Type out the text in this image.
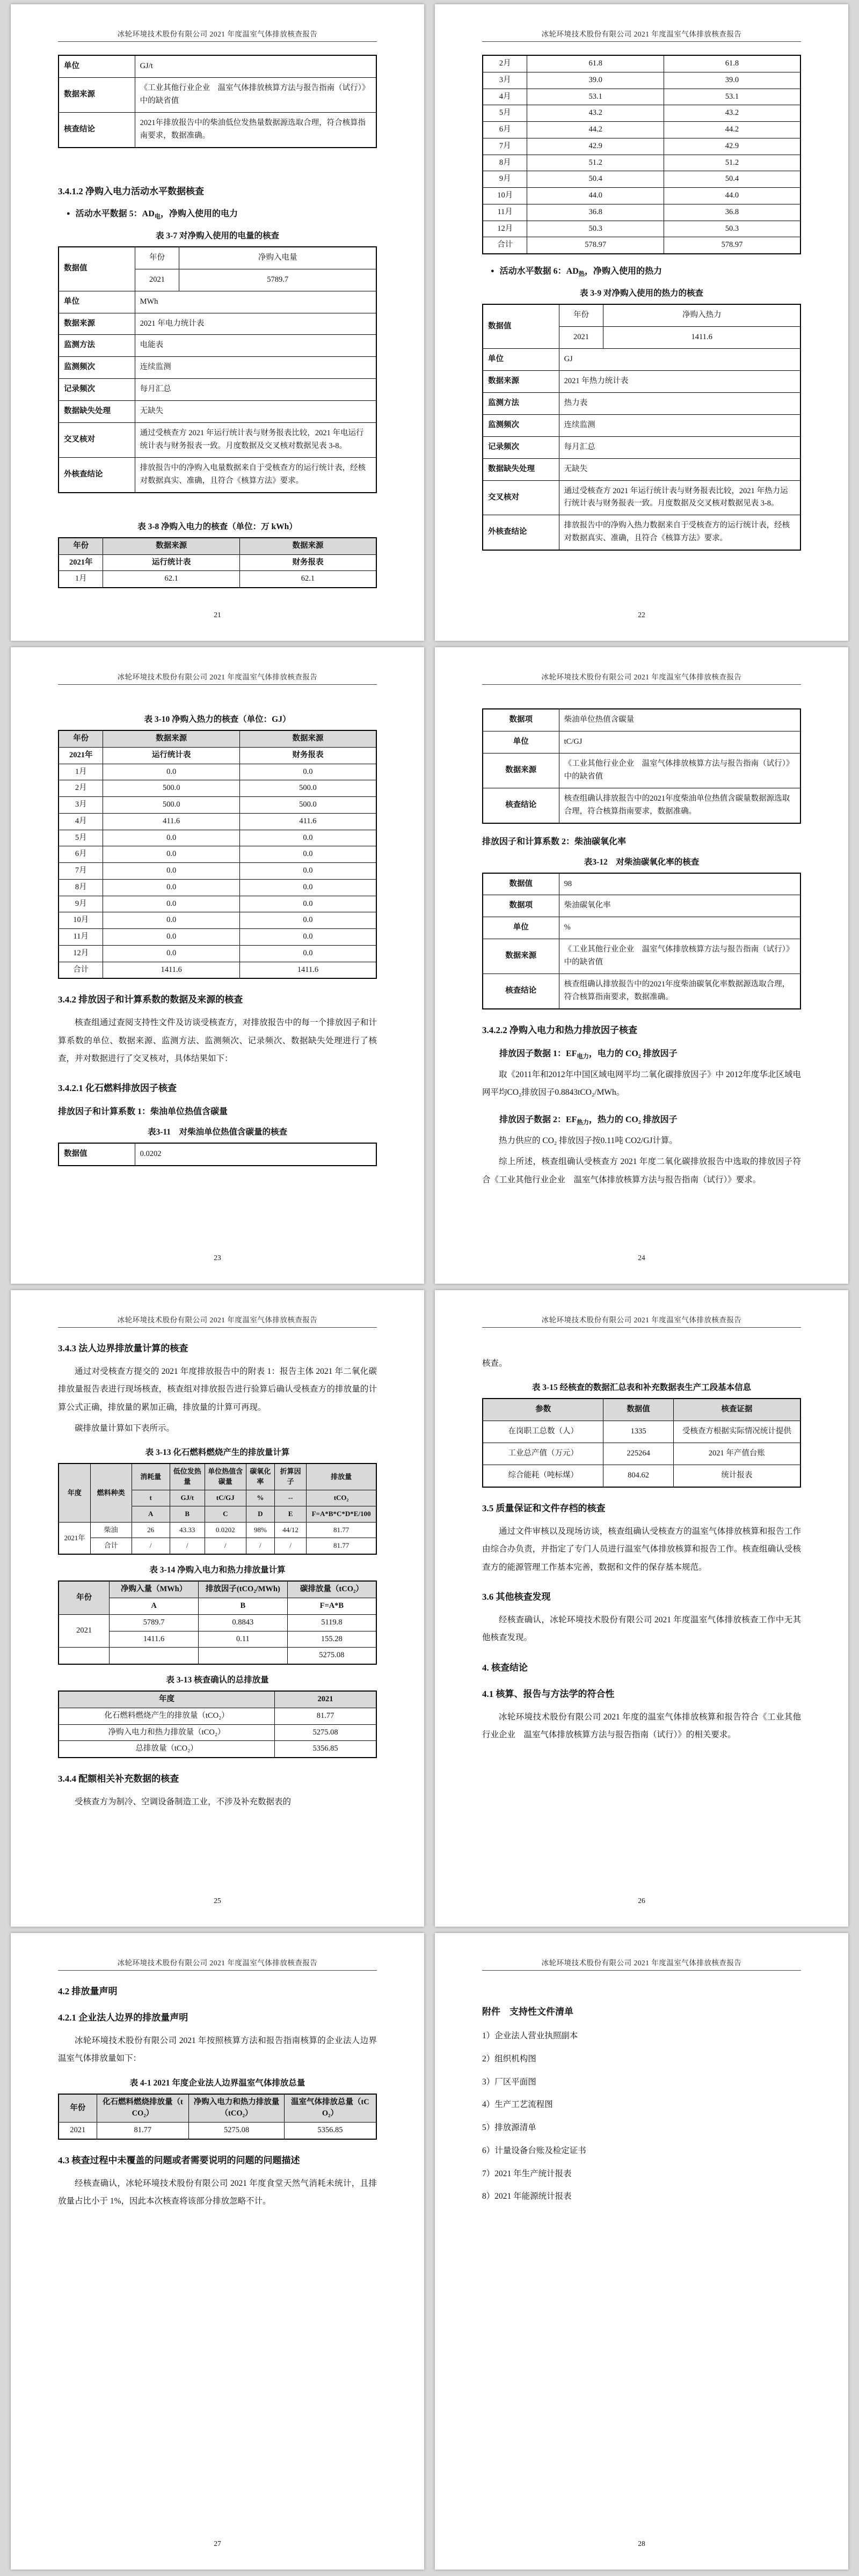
冰轮环境技术股份有限公司 2021 年度温室气体排放核查报告
单位	GJ/t
数据来源	《工业其他行业企业　温室气体排放核算方法与报告指南（试行）》中的缺省值
核查结论	2021年排放报告中的柴油低位发热量数据源选取合理，符合核算指南要求，数据准确。
3.4.1.2 净购入电力活动水平数据核查
● 活动水平数据 5：$AD_电$，净购入使用的电力
表 3-7 对净购入使用的电量的核查
数据值	年份	净购入电量
	2021	5789.7
单位	MWh	
数据来源	2021 年电力统计表	
监测方法	电能表	
监测频次	连续监测	
记录频次	每月汇总	
数据缺失处理	无缺失	
交叉核对	通过受核查方 2021 年运行统计表与财务报表比较，2021 年电运行统计表与财务报表一致。月度数据及交叉核对数据见表 3-8。	
外核查结论	排放报告中的净购入电量数据来自于受核查方的运行统计表，经核对数据真实、准确，且符合《核算方法》要求。	
表 3-8 净购入电力的核查（单位：万 kWh）
年份	数据来源	数据来源
2021年	运行统计表	财务报表
1月	62.1	62.1
21
冰轮环境技术股份有限公司 2021 年度温室气体排放核查报告
2月	61.8	61.8
3月	39.0	39.0
4月	53.1	53.1
5月	43.2	43.2
6月	44.2	44.2
7月	42.9	42.9
8月	51.2	51.2
9月	50.4	50.4
10月	44.0	44.0
11月	36.8	36.8
12月	50.3	50.3
合计	578.97	578.97
● 活动水平数据 6：$AD_热$，净购入使用的热力
表 3-9 对净购入使用的热力的核查
数据值	年份	净购入热力
	2021	1411.6
单位	GJ	
数据来源	2021 年热力统计表	
监测方法	热力表	
监测频次	连续监测	
记录频次	每月汇总	
数据缺失处理	无缺失	
交叉核对	通过受核查方 2021 年运行统计表与财务报表比较，2021 年热力运行统计表与财务报表一致。月度数据及交叉核对数据见表 3-8。	
外核查结论	排放报告中的净购入热力数据来自于受核查方的运行统计表，经核对数据真实、准确，且符合《核算方法》要求。	
22
冰轮环境技术股份有限公司 2021 年度温室气体排放核查报告
表 3-10 净购入热力的核查（单位：GJ）
年份	数据来源	数据来源
2021年	运行统计表	财务报表
1月	0.0	0.0
2月	500.0	500.0
3月	500.0	500.0
4月	411.6	411.6
5月	0.0	0.0
6月	0.0	0.0
7月	0.0	0.0
8月	0.0	0.0
9月	0.0	0.0
10月	0.0	0.0
11月	0.0	0.0
12月	0.0	0.0
合计	1411.6	1411.6
3.4.2 排放因子和计算系数的数据及来源的核查
核查组通过查阅支持性文件及访谈受核查方，对排放报告中的每一个排放因子和计算系数的单位、数据来源、监测方法、监测频次、记录频次、数据缺失处理进行了核查，并对数据进行了交叉核对，具体结果如下：
3.4.2.1 化石燃料排放因子核查
排放因子和计算系数 1：柴油单位热值含碳量
表3-11　对柴油单位热值含碳量的核查
数据值	0.0202
23
冰轮环境技术股份有限公司 2021 年度温室气体排放核查报告
数据项	柴油单位热值含碳量
单位	tC/GJ
数据来源	《工业其他行业企业　温室气体排放核算方法与报告指南（试行）》中的缺省值
核查结论	核查组确认排放报告中的2021年度柴油单位热值含碳量数据源选取合理，符合核算指南要求，数据准确。
排放因子和计算系数 2：柴油碳氧化率
表3-12　对柴油碳氧化率的核查
数据值	98
数据项	柴油碳氧化率
单位	%
数据来源	《工业其他行业企业　温室气体排放核算方法与报告指南（试行）》中的缺省值
核查结论	核查组确认排放报告中的2021年度柴油碳氧化率数据源选取合理，符合核算指南要求，数据准确。
3.4.2.2 净购入电力和热力排放因子核查
排放因子数据 1：$EF_{电力}$，电力的 CO₂ 排放因子
取《2011年和2012年中国区域电网平均二氧化碳排放因子》中 2012年度华北区域电网平均CO₂排放因子0.8843tCO₂/MWh。
排放因子数据 2：$EF_{热力}$，热力的 CO₂ 排放因子
热力供应的 CO₂ 排放因子按0.11吨 CO2/GJ计算。
综上所述，核查组确认受核查方 2021 年度二氧化碳排放报告中选取的排放因子符合《工业其他行业企业　温室气体排放核算方法与报告指南（试行）》要求。
24
冰轮环境技术股份有限公司 2021 年度温室气体排放核查报告
3.4.3 法人边界排放量计算的核查
通过对受核查方提交的 2021 年度排放报告中的附表 1：报告主体 2021 年二氧化碳排放量报告表进行现场核查，核查组对排放报告进行验算后确认受核查方的排放量的计算公式正确，排放量的累加正确，排放量的计算可再现。
碳排放量计算如下表所示。
表 3-13 化石燃料燃烧产生的排放量计算
年度	燃料种类	消耗量	低位发热量	单位热值含碳量	碳氧化率	折算因子	排放量
		t	GJ/t	tC/GJ	%	--	tCO₂
		A	B	C	D	E	F=A*B*C*D*E/100
2021年	柴油	26	43.33	0.0202	98%	44/12	81.77
	合计	/	/	/	/	/	81.77
表 3-14 净购入电力和热力排放量计算
年份	净购入量（MWh）	排放因子(tCO₂/MWh)	碳排放量（tCO₂）
	A	B	F=A*B
2021	5789.7	0.8843	5119.8
	1411.6	0.11	155.28
			5275.08
表 3-13 核查确认的总排放量
年度	2021
化石燃料燃烧产生的排放量（tCO₂）	81.77
净购入电力和热力排放量（tCO₂）	5275.08
总排放量（tCO₂）	5356.85
3.4.4 配额相关补充数据的核查
受核查方为制冷、空调设备制造工业，不涉及补充数据表的
25
冰轮环境技术股份有限公司 2021 年度温室气体排放核查报告
核查。
表 3-15 经核查的数据汇总表和补充数据表生产工段基本信息
参数	数据值	核查证据
在岗职工总数（人）	1335	受核查方根据实际情况统计提供
工业总产值（万元）	225264	2021 年产值台账
综合能耗（吨标煤）	804.62	统计报表
3.5 质量保证和文件存档的核查
通过文件审核以及现场访谈，核查组确认受核查方的温室气体排放核算和报告工作由综合办负责，并指定了专门人员进行温室气体排放核算和报告工作。核查组确认受核查方的能源管理工作基本完善，数据和文件的保存基本规范。
3.6 其他核查发现
经核查确认，冰轮环境技术股份有限公司 2021 年度温室气体排放核查工作中无其他核查发现。
4. 核查结论
4.1 核算、报告与方法学的符合性
冰轮环境技术股份有限公司 2021 年度的温室气体排放核算和报告符合《工业其他行业企业　温室气体排放核算方法与报告指南（试行）》的相关要求。
26
冰轮环境技术股份有限公司 2021 年度温室气体排放核查报告
4.2 排放量声明
4.2.1 企业法人边界的排放量声明
冰轮环境技术股份有限公司 2021 年按照核算方法和报告指南核算的企业法人边界温室气体排放量如下：
表 4-1 2021 年度企业法人边界温室气体排放总量
年份	化石燃料燃烧排放量（tCO₂）	净购入电力和热力排放量（tCO₂）	温室气体排放总量（tCO₂）
2021	81.77	5275.08	5356.85
4.3 核查过程中未覆盖的问题或者需要说明的问题的问题描述
经核查确认，冰轮环境技术股份有限公司 2021 年度食堂天然气消耗未统计，且排放量占比小于 1%，因此本次核查将该部分排放忽略不计。
27
冰轮环境技术股份有限公司 2021 年度温室气体排放核查报告
附件　支持性文件清单
1）企业法人营业执照副本
2）组织机构图
3）厂区平面图
4）生产工艺流程图
5）排放源清单
6）计量设备台账及检定证书
7）2021 年生产统计报表
8）2021 年能源统计报表
28
